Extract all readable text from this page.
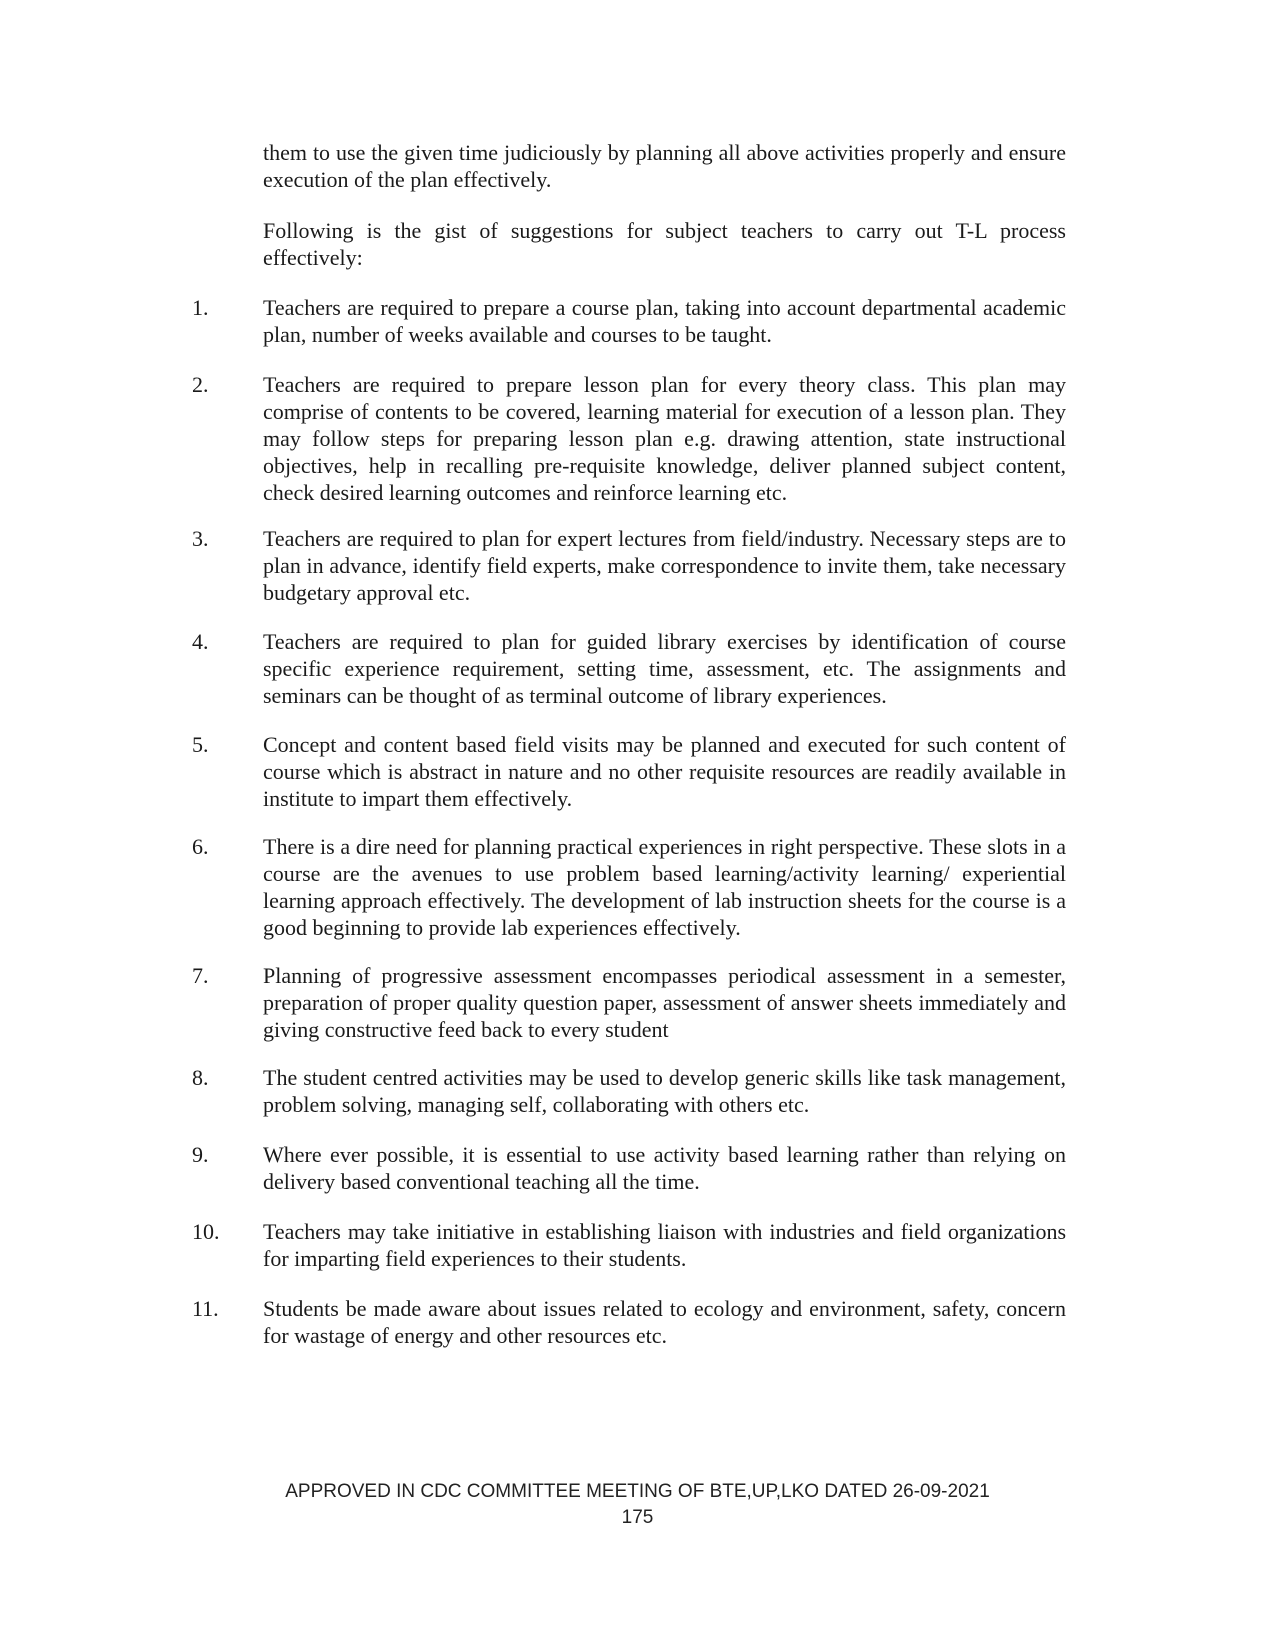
them to use the given time judiciously by planning all above activities properly and ensure execution of the plan effectively.

Following is the gist of suggestions for subject teachers to carry out T-L process effectively:

1. Teachers are required to prepare a course plan, taking into account departmental academic plan, number of weeks available and courses to be taught.

2. Teachers are required to prepare lesson plan for every theory class. This plan may comprise of contents to be covered, learning material for execution of a lesson plan. They may follow steps for preparing lesson plan e.g. drawing attention, state instructional objectives, help in recalling pre-requisite knowledge, deliver planned subject content, check desired learning outcomes and reinforce learning etc.

3. Teachers are required to plan for expert lectures from field/industry. Necessary steps are to plan in advance, identify field experts, make correspondence to invite them, take necessary budgetary approval etc.

4. Teachers are required to plan for guided library exercises by identification of course specific experience requirement, setting time, assessment, etc. The assignments and seminars can be thought of as terminal outcome of library experiences.

5. Concept and content based field visits may be planned and executed for such content of course which is abstract in nature and no other requisite resources are readily available in institute to impart them effectively.

6. There is a dire need for planning practical experiences in right perspective. These slots in a course are the avenues to use problem based learning/activity learning/ experiential learning approach effectively. The development of lab instruction sheets for the course is a good beginning to provide lab experiences effectively.

7. Planning of progressive assessment encompasses periodical assessment in a semester, preparation of proper quality question paper, assessment of answer sheets immediately and giving constructive feed back to every student

8. The student centred activities may be used to develop generic skills like task management, problem solving, managing self, collaborating with others etc.

9. Where ever possible, it is essential to use activity based learning rather than relying on delivery based conventional teaching all the time.

10. Teachers may take initiative in establishing liaison with industries and field organizations for imparting field experiences to their students.

11. Students be made aware about issues related to ecology and environment, safety, concern for wastage of energy and other resources etc.

APPROVED IN CDC COMMITTEE MEETING OF BTE,UP,LKO DATED 26-09-2021
175
